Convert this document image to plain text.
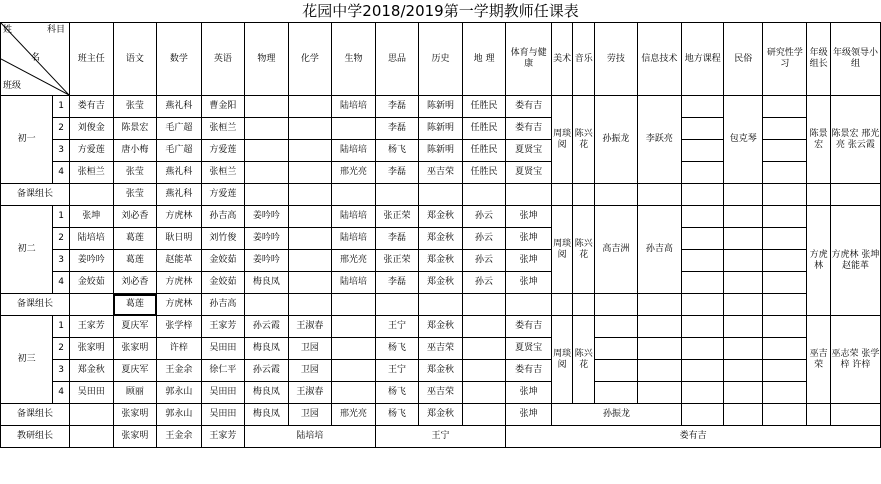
花园中学2018/2019第一学期教师任课表
姓 科目
名
班级		班主任	语文	数学	英语	物理	化学	生物	思品	历史	地 理	体育与健康	美术	音乐	劳技	信息技术	地方课程	民俗	研究性学习	年级组长	年级领导小组
初一	1	娄有吉	张莹	燕礼科	曹金阳			陆培培	李磊	陈新明	任胜民	娄有吉	周琰阅	陈兴花	孙振龙	李跃亮		包克琴		陈景宏	陈景宏 邢光亮 张云霞
	2	刘俊金	陈景宏	毛广超	张桓兰				李磊	陈新明	任胜民	娄有吉									
	3	方爱莲	唐小梅	毛广超	方爱莲			陆培培	杨飞	陈新明	任胜民	夏贤宝									
	4	张桓兰	张莹	燕礼科	张桓兰			邢光亮	李磊	巫吉荣	任胜民	夏贤宝									
备课组长			张莹	燕礼科	方爱莲																
初二	1	张坤	刘必香	方虎林	孙吉高	姜吟吟		陆培培	张正荣	郑金秋	孙云	张坤	周琰阅	陈兴花	高吉洲	孙吉高				方虎林	方虎林 张坤 赵能革
	2	陆培培	葛莲	耿日明	刘竹俊	姜吟吟		陆培培	李磊	郑金秋	孙云	张坤									
	3	姜吟吟	葛莲	赵能革	金姣茹	姜吟吟		邢光亮	张正荣	郑金秋	孙云	张坤									
	4	金姣茹	刘必香	方虎林	金姣茹	梅良凤		陆培培	李磊	郑金秋	孙云	张坤									
备课组长			葛莲	方虎林	孙吉高																
初三	1	王家芳	夏庆军	张学梓	王家芳	孙云霞	王淑春		王宁	郑金秋		娄有吉	周琰阅	陈兴花						巫吉荣	巫志荣 张学梓 许梓
	2	张家明	张家明	许梓	吴田田	梅良凤	卫园		杨飞	巫吉荣		夏贤宝									
	3	郑金秋	夏庆军	王金余	徐仁平	孙云霞	卫园		王宁	郑金秋		娄有吉									
	4	吴田田	顾丽	郭永山	吴田田	梅良凤	王淑春		杨飞	巫吉荣		张坤									
备课组长			张家明	郭永山	吴田田	梅良凤	卫园	邢光亮	杨飞	郑金秋		张坤	孙振龙								
教研组长			张家明	王金余	王家芳	陆培培			王宁			娄有吉									
